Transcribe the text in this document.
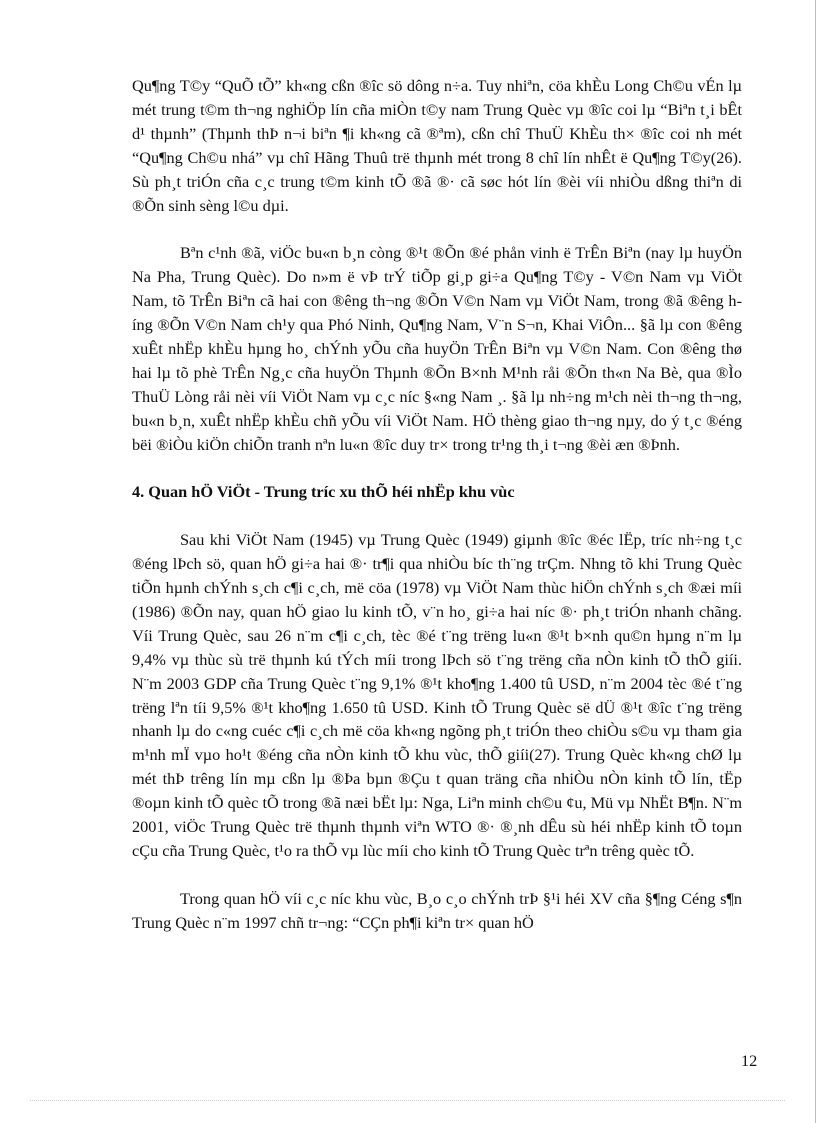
Qu¶ng T©y “QuÕ tÕ” kh«ng cßn ®îc sö dông n÷a. Tuy nhiªn, cöa khÈu Long Ch©u vÉn lµ mét trung t©m th¬ng nghiÖp lín cña miÒn t©y nam Trung Quèc vµ ®îc coi lµ “Biªn t¸i bÊt d¹ thµnh” (Thµnh thÞ n¬i biªn ¶i kh«ng cã ®ªm), cßn chî ThuÜ KhÈu th× ®îc coi nh mét “Qu¶ng Ch©u nhá” vµ chî Hãng Thuû trë thµnh mét trong 8 chî lín nhÊt ë Qu¶ng T©y(26). Sù ph¸t triÓn cña c¸c trung t©m kinh tÕ ®ã ®· cã søc hót lín ®èi víi nhiÒu dßng thiªn di ®Õn sinh sèng l©u dµi.

Bªn c¹nh ®ã, viÖc bu«n b¸n còng ®¹t ®Õn ®é phån vinh ë TrÊn Biªn (nay lµ huyÖn Na Pha, Trung Quèc). Do n»m ë vÞ trÝ tiÕp gi¸p gi÷a Qu¶ng T©y - V©n Nam vµ ViÖt Nam, tõ TrÊn Biªn cã hai con ®êng th¬ng ®Õn V©n Nam vµ ViÖt Nam, trong ®ã ®êng híng ®Õn V©n Nam ch¹y qua Phó Ninh, Qu¶ng Nam, V¨n S¬n, Khai ViÔn... §ã lµ con ®êng xuÊt nhËp khÈu hµng ho¸ chÝnh yÕu cña huyÖn TrÊn Biªn vµ V©n Nam. Con ®êng thø hai lµ tõ phè TrÊn Ng¸c cña huyÖn Thµnh ®Õn B×nh M¹nh råi ®Õn th«n Na Bè, qua ®Ìo ThuÜ Lòng råi nèi víi ViÖt Nam vµ c¸c níc §«ng Nam ¸. §ã lµ nh÷ng m¹ch nèi th¬ng th¬ng, bu«n b¸n, xuÊt nhËp khÈu chñ yÕu víi ViÖt Nam. HÖ thèng giao th¬ng nµy, do ý t¸c ®éng bëi ®iÒu kiÖn chiÕn tranh nªn lu«n ®îc duy tr× trong tr¹ng th¸i t¬ng ®èi æn ®Þnh.

4. Quan hÖ ViÖt - Trung tríc xu thÕ héi nhËp khu vùc

Sau khi ViÖt Nam (1945) vµ Trung Quèc (1949) giµnh ®îc ®éc lËp, tríc nh÷ng t¸c ®éng lÞch sö, quan hÖ gi÷a hai ®· tr¶i qua nhiÒu bíc th¨ng trÇm. Nhng tõ khi Trung Quèc tiÕn hµnh chÝnh s¸ch c¶i c¸ch, më cöa (1978) vµ ViÖt Nam thùc hiÖn chÝnh s¸ch ®æi míi (1986) ®Õn nay, quan hÖ giao lu kinh tÕ, v¨n ho¸ gi÷a hai níc ®· ph¸t triÓn nhanh chãng. Víi Trung Quèc, sau 26 n¨m c¶i c¸ch, tèc ®é t¨ng trëng lu«n ®¹t b×nh qu©n hµng n¨m lµ 9,4% vµ thùc sù trë thµnh kú tÝch míi trong lÞch sö t¨ng trëng cña nÒn kinh tÕ thÕ giíi. N¨m 2003 GDP cña Trung Quèc t¨ng 9,1% ®¹t kho¶ng 1.400 tû USD, n¨m 2004 tèc ®é t¨ng trëng lªn tíi 9,5% ®¹t kho¶ng 1.650 tû USD. Kinh tÕ Trung Quèc së dÜ ®¹t ®îc t¨ng trëng nhanh lµ do c«ng cuéc c¶i c¸ch më cöa kh«ng ngõng ph¸t triÓn theo chiÒu s©u vµ tham gia m¹nh mÏ vµo ho¹t ®éng cña nÒn kinh tÕ khu vùc, thÕ giíi(27). Trung Quèc kh«ng chØ lµ mét thÞ trêng lín mµ cßn lµ ®Þa bµn ®Çu t quan träng cña nhiÒu nÒn kinh tÕ lín, tËp ®oµn kinh tÕ quèc tÕ trong ®ã næi bËt lµ: Nga, Liªn minh ch©u ¢u, Mü vµ NhËt B¶n. N¨m 2001, viÖc Trung Quèc trë thµnh thµnh viªn WTO ®· ®¸nh dÊu sù héi nhËp kinh tÕ toµn cÇu cña Trung Quèc, t¹o ra thÕ vµ lùc míi cho kinh tÕ Trung Quèc trªn trêng quèc tÕ.

Trong quan hÖ víi c¸c níc khu vùc, B¸o c¸o chÝnh trÞ §¹i héi XV cña §¶ng Céng s¶n Trung Quèc n¨m 1997 chñ tr¬ng: “CÇn ph¶i kiªn tr× quan hÖ

12
